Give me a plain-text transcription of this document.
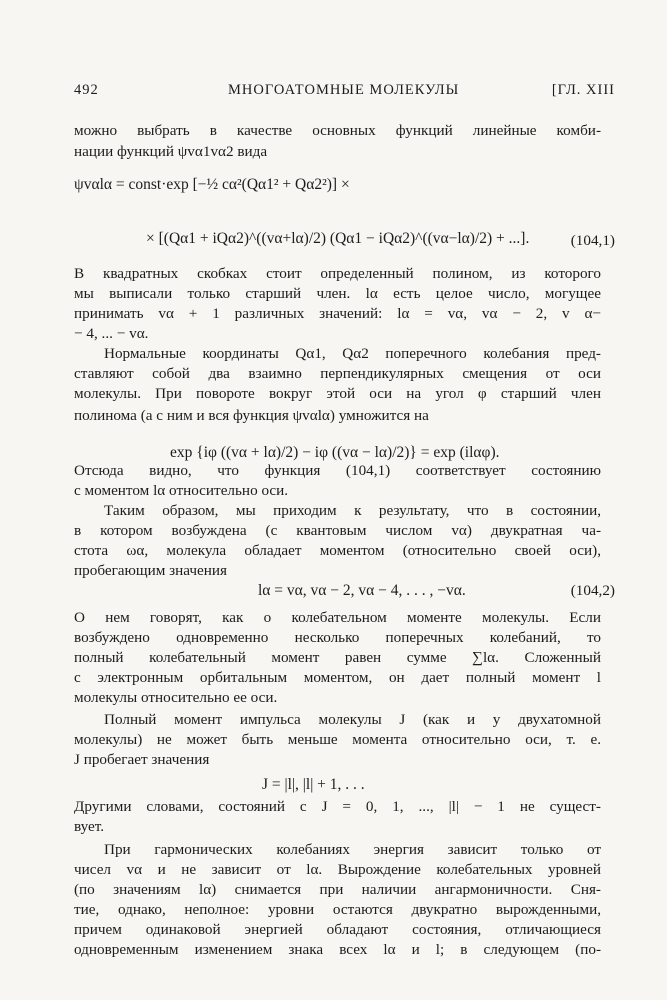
492	МНОГОАТОМНЫЕ МОЛЕКУЛЫ	[ГЛ. XIII
можно выбрать в качестве основных функций линейные комби-
нации функций ψvα1vα2 вида
ψvαlα = const·exp [−½ cα²(Qα1² + Qα2²)] ×
× [(Qα1 + iQα2)^((vα+lα)/2) (Qα1 − iQα2)^((vα−lα)/2) + ...].	(104,1)
В квадратных скобках стоит определенный полином, из которого
мы выписали только старший член. lα есть целое число, могущее
принимать vα + 1 различных значений: lα = vα, vα − 2, v α−
− 4, ... − vα.
Нормальные координаты Qα1, Qα2 поперечного колебания пред-
ставляют собой два взаимно перпендикулярных смещения от оси
молекулы. При повороте вокруг этой оси на угол φ старший член
полинома (а с ним и вся функция ψvαlα) умножится на
exp {iφ ((vα + lα)/2) − iφ ((vα − lα)/2)} = exp (ilαφ).
Отсюда видно, что функция (104,1) соответствует состоянию
с моментом lα относительно оси.
Таким образом, мы приходим к результату, что в состоянии,
в котором возбуждена (с квантовым числом vα) двукратная ча-
стота ωα, молекула обладает моментом (относительно своей оси),
пробегающим значения
lα = vα, vα − 2, vα − 4, . . . , −vα.	(104,2)
О нем говорят, как о колебательном моменте молекулы. Если
возбуждено одновременно несколько поперечных колебаний, то
полный колебательный момент равен сумме ∑lα. Сложенный
с электронным орбитальным моментом, он дает полный момент l
молекулы относительно ее оси.
Полный момент импульса молекулы J (как и у двухатомной
молекулы) не может быть меньше момента относительно оси, т. е.
J пробегает значения
J = |l|, |l| + 1, . . .
Другими словами, состояний с J = 0, 1, ..., |l| − 1 не сущест-
вует.
При гармонических колебаниях энергия зависит только от
чисел vα и не зависит от lα. Вырождение колебательных уровней
(по значениям lα) снимается при наличии ангармоничности. Сня-
тие, однако, неполное: уровни остаются двукратно вырожденными,
причем одинаковой энергией обладают состояния, отличающиеся
одновременным изменением знака всех lα и l; в следующем (по-
